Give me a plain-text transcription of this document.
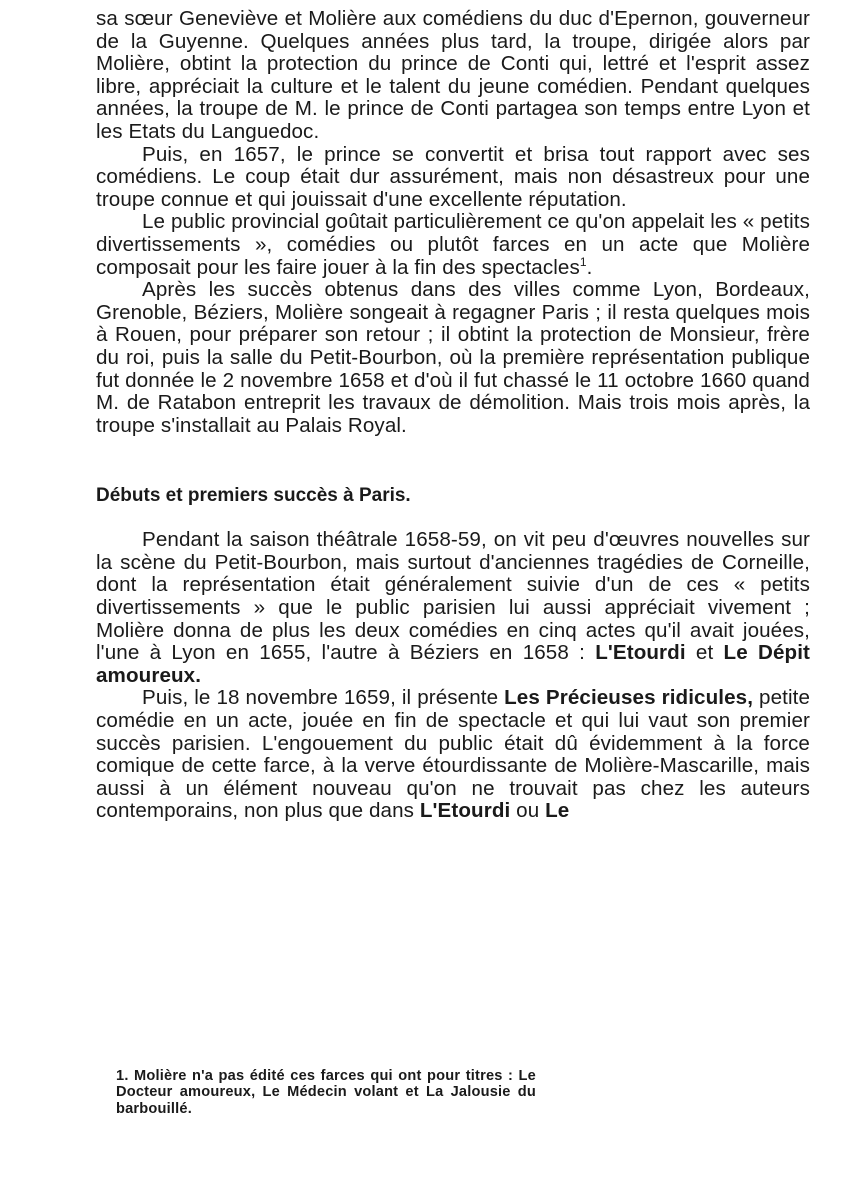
sa sœur Geneviève et Molière aux comédiens du duc d'Epernon, gouverneur de la Guyenne. Quelques années plus tard, la troupe, dirigée alors par Molière, obtint la protection du prince de Conti qui, lettré et l'esprit assez libre, appréciait la culture et le talent du jeune comédien. Pendant quelques années, la troupe de M. le prince de Conti partagea son temps entre Lyon et les Etats du Languedoc.

Puis, en 1657, le prince se convertit et brisa tout rapport avec ses comédiens. Le coup était dur assurément, mais non désastreux pour une troupe connue et qui jouissait d'une excellente réputation.

Le public provincial goûtait particulièrement ce qu'on appelait les « petits divertissements », comédies ou plutôt farces en un acte que Molière composait pour les faire jouer à la fin des spectacles$^1$.

Après les succès obtenus dans des villes comme Lyon, Bordeaux, Grenoble, Béziers, Molière songeait à regagner Paris ; il resta quelques mois à Rouen, pour préparer son retour ; il obtint la protection de Monsieur, frère du roi, puis la salle du Petit-Bourbon, où la première représentation publique fut donnée le 2 novembre 1658 et d'où il fut chassé le 11 octobre 1660 quand M. de Ratabon entreprit les travaux de démolition. Mais trois mois après, la troupe s'installait au Palais Royal.

Débuts et premiers succès à Paris.

Pendant la saison théâtrale 1658-59, on vit peu d'œuvres nouvelles sur la scène du Petit-Bourbon, mais surtout d'anciennes tragédies de Corneille, dont la représentation était généralement suivie d'un de ces « petits divertissements » que le public parisien lui aussi appréciait vivement ; Molière donna de plus les deux comédies en cinq actes qu'il avait jouées, l'une à Lyon en 1655, l'autre à Béziers en 1658 : L'Etourdi et Le Dépit amoureux.

Puis, le 18 novembre 1659, il présente Les Précieuses ridicules, petite comédie en un acte, jouée en fin de spectacle et qui lui vaut son premier succès parisien. L'engouement du public était dû évidemment à la force comique de cette farce, à la verve étourdissante de Molière-Mascarille, mais aussi à un élément nouveau qu'on ne trouvait pas chez les auteurs contemporains, non plus que dans L'Etourdi ou Le

1. Molière n'a pas édité ces farces qui ont pour titres : Le Docteur amoureux, Le Médecin volant et La Jalousie du barbouillé.
